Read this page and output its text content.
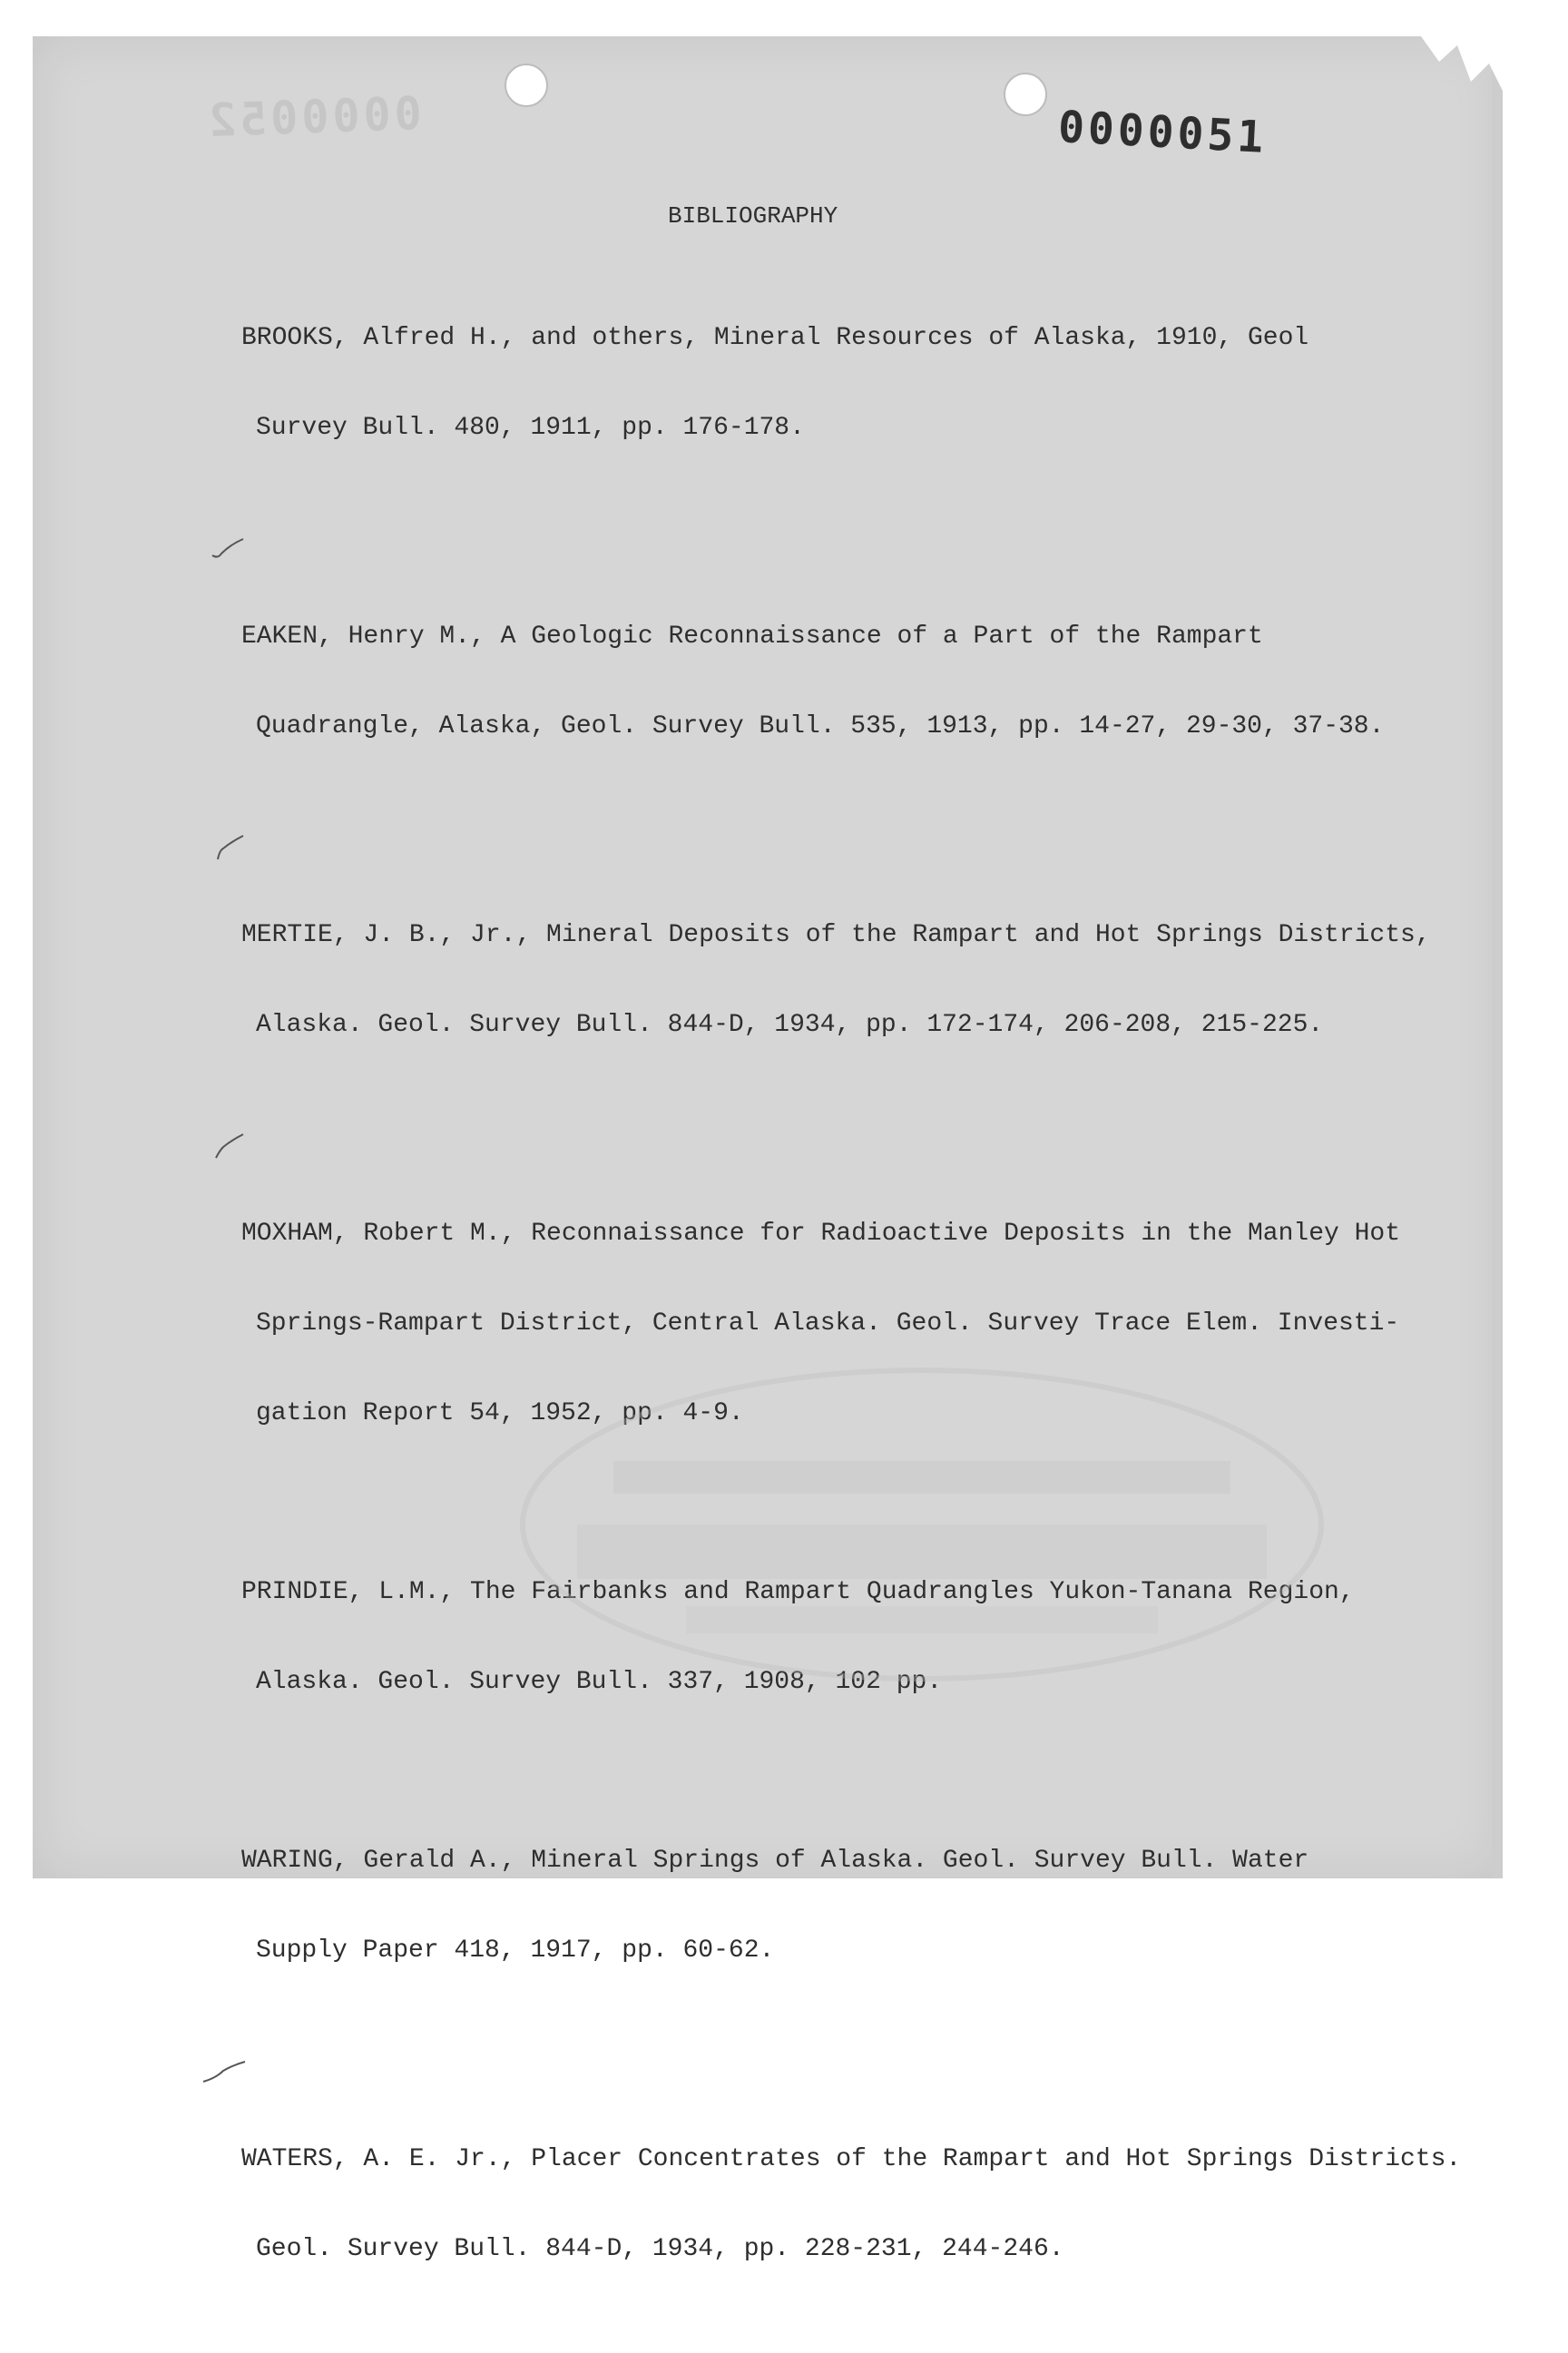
0000052	0000051
BIBLIOGRAPHY

BROOKS, Alfred H., and others, Mineral Resources of Alaska, 1910, Geol

Survey Bull. 480, 1911, pp. 176-178.

EAKEN, Henry M., A Geologic Reconnaissance of a Part of the Rampart

Quadrangle, Alaska, Geol. Survey Bull. 535, 1913, pp. 14-27, 29-30, 37-38.

MERTIE, J. B., Jr., Mineral Deposits of the Rampart and Hot Springs Districts,

Alaska. Geol. Survey Bull. 844-D, 1934, pp. 172-174, 206-208, 215-225.

MOXHAM, Robert M., Reconnaissance for Radioactive Deposits in the Manley Hot

Springs-Rampart District, Central Alaska. Geol. Survey Trace Elem. Investi-

gation Report 54, 1952, pp. 4-9.

PRINDIE, L.M., The Fairbanks and Rampart Quadrangles Yukon-Tanana Region,

Alaska. Geol. Survey Bull. 337, 1908, 102 pp.

WARING, Gerald A., Mineral Springs of Alaska. Geol. Survey Bull. Water

Supply Paper 418, 1917, pp. 60-62.

WATERS, A. E. Jr., Placer Concentrates of the Rampart and Hot Springs Districts.

Geol. Survey Bull. 844-D, 1934, pp. 228-231, 244-246.
